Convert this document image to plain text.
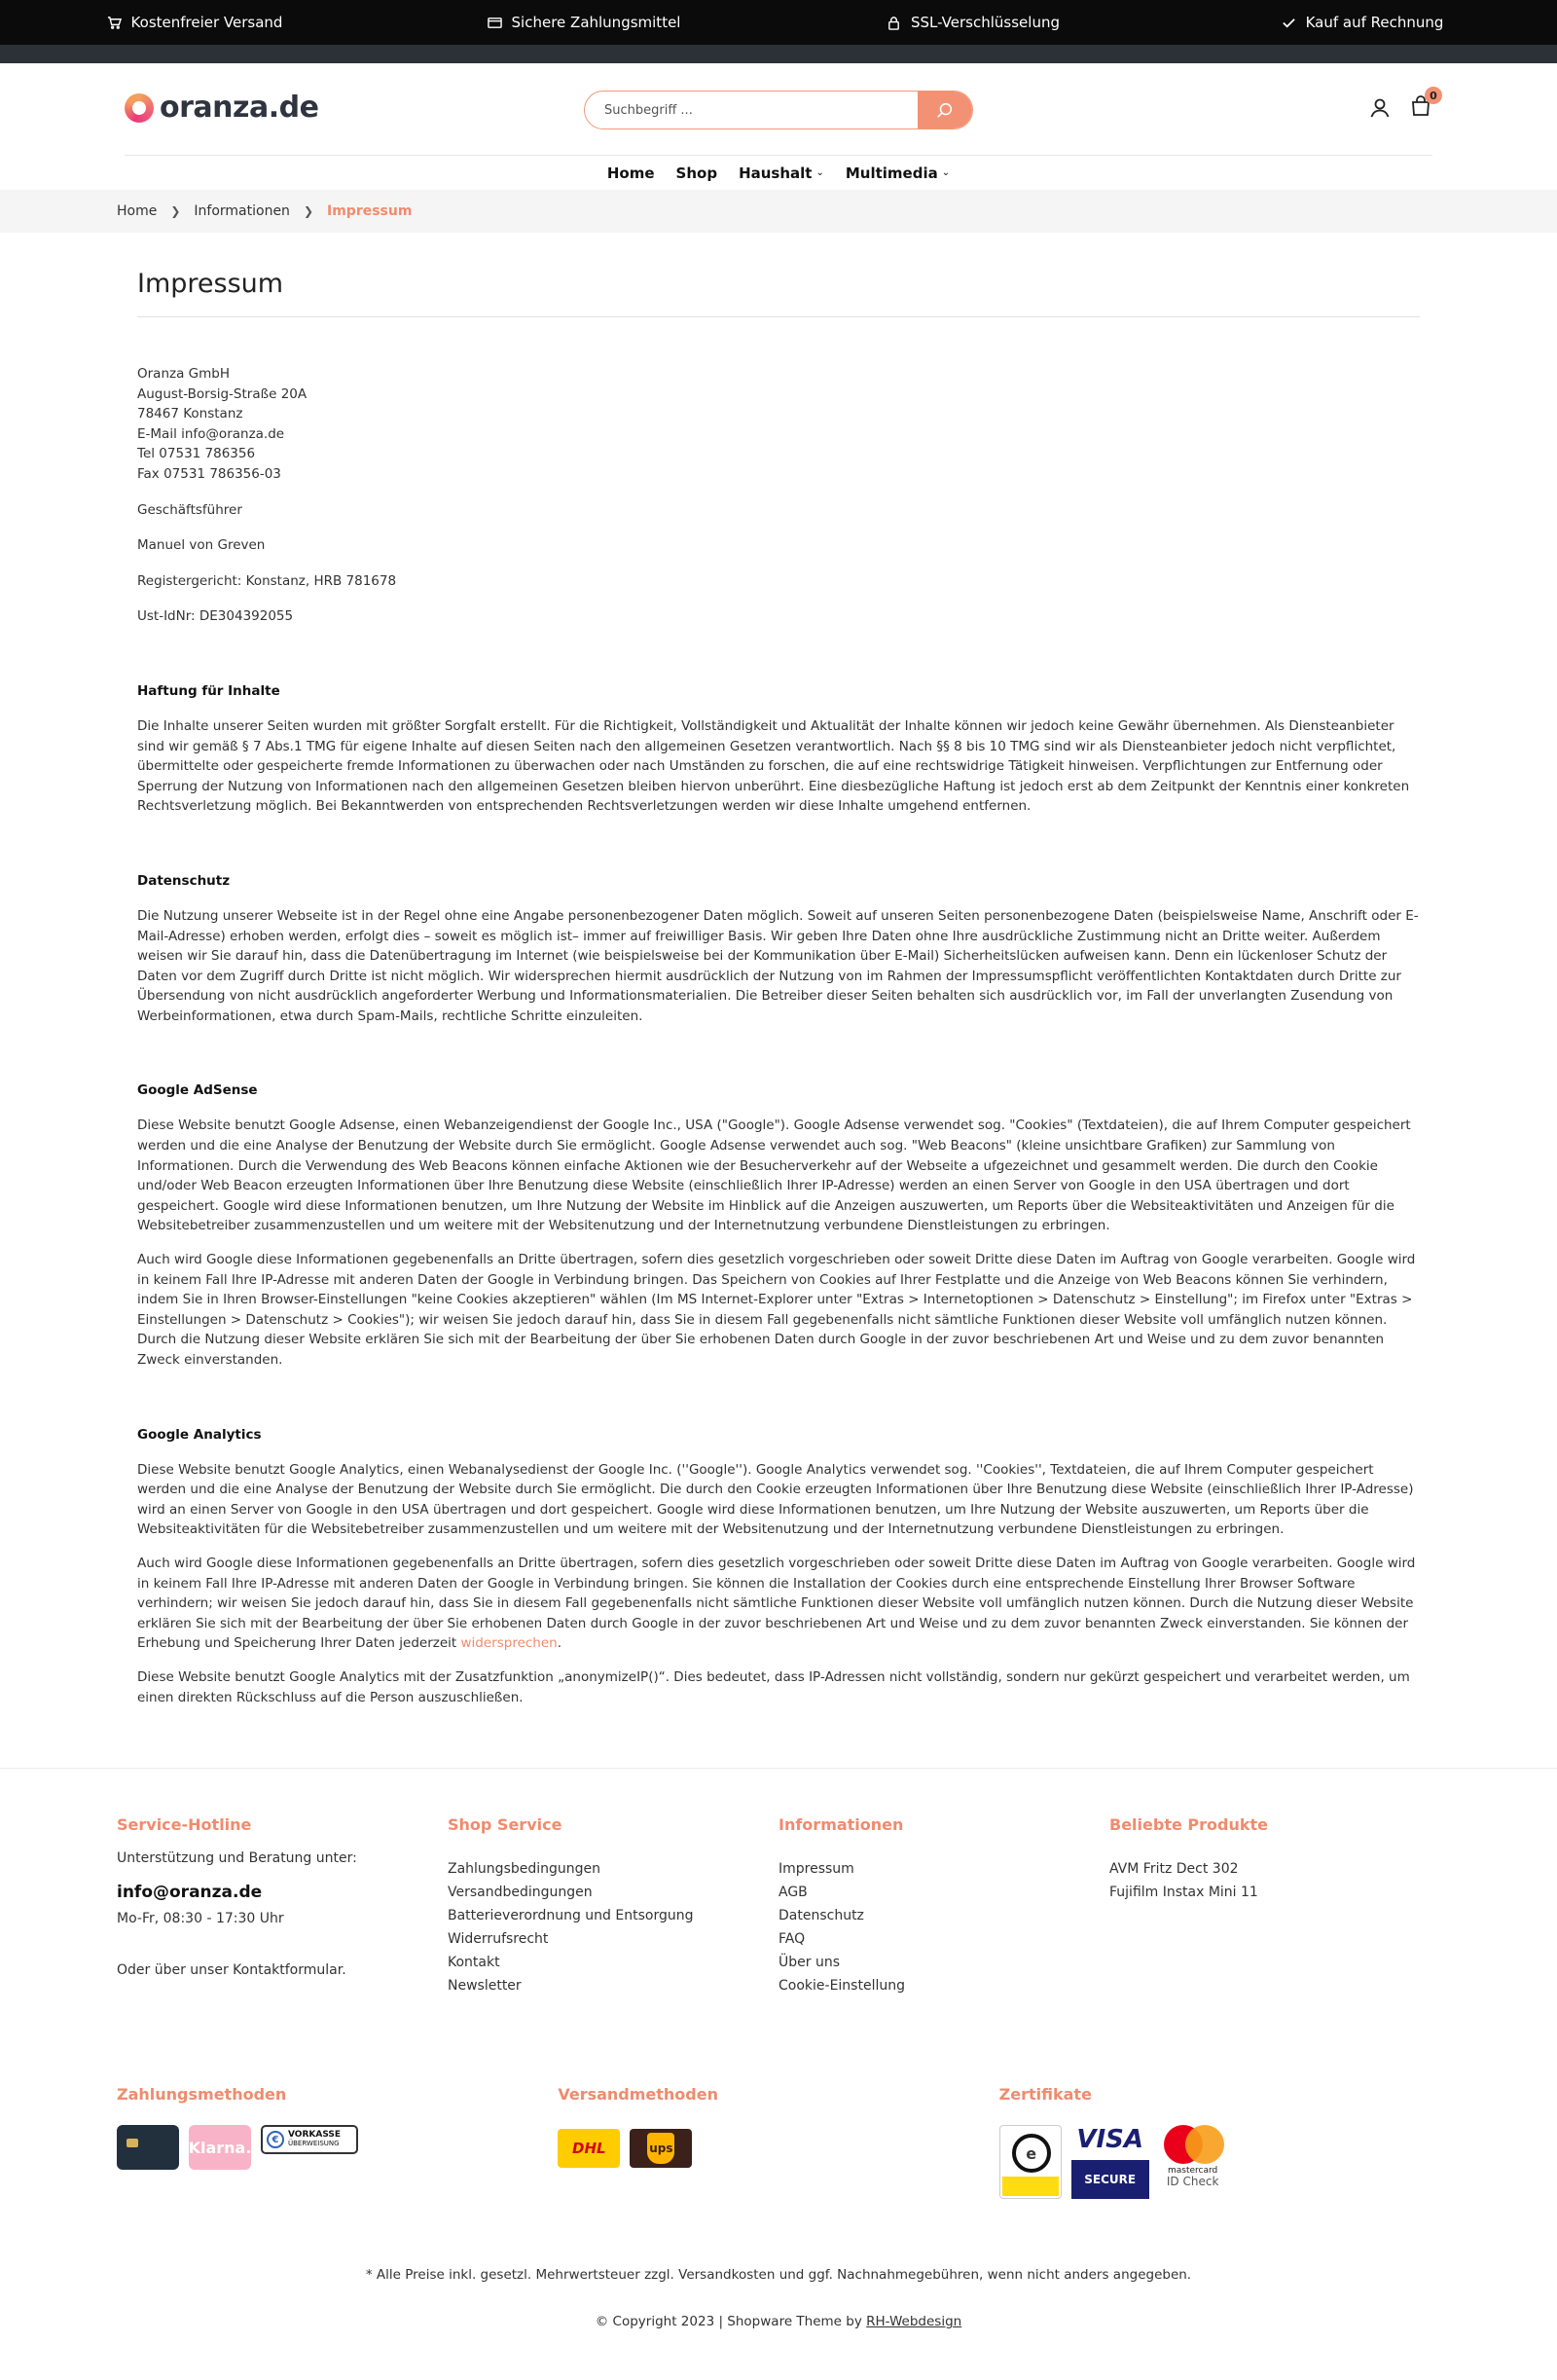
Kostenfreier Versand	Sichere Zahlungsmittel	SSL-Verschlüsselung	Kauf auf Rechnung
oranza.de
Suchbegriff ...	0
Home Shop Haushalt ⌄ Multimedia ⌄
Home ❯ Informationen ❯ Impressum
Impressum
Oranza GmbH
August-Borsig-Straße 20A
78467 Konstanz
E-Mail info@oranza.de
Tel 07531 786356
Fax 07531 786356-03
Geschäftsführer
Manuel von Greven
Registergericht: Konstanz, HRB 781678
Ust-IdNr: DE304392055
Haftung für Inhalte

Die Inhalte unserer Seiten wurden mit größter Sorgfalt erstellt. Für die Richtigkeit, Vollständigkeit und Aktualität der Inhalte können wir jedoch keine Gewähr übernehmen. Als Diensteanbieter sind wir gemäß § 7 Abs.1 TMG für eigene Inhalte auf diesen Seiten nach den allgemeinen Gesetzen verantwortlich. Nach §§ 8 bis 10 TMG sind wir als Diensteanbieter jedoch nicht verpflichtet, übermittelte oder gespeicherte fremde Informationen zu überwachen oder nach Umständen zu forschen, die auf eine rechtswidrige Tätigkeit hinweisen. Verpflichtungen zur Entfernung oder Sperrung der Nutzung von Informationen nach den allgemeinen Gesetzen bleiben hiervon unberührt. Eine diesbezügliche Haftung ist jedoch erst ab dem Zeitpunkt der Kenntnis einer konkreten Rechtsverletzung möglich. Bei Bekanntwerden von entsprechenden Rechtsverletzungen werden wir diese Inhalte umgehend entfernen.

Datenschutz

Die Nutzung unserer Webseite ist in der Regel ohne eine Angabe personenbezogener Daten möglich. Soweit auf unseren Seiten personenbezogene Daten (beispielsweise Name, Anschrift oder E-Mail-Adresse) erhoben werden, erfolgt dies – soweit es möglich ist– immer auf freiwilliger Basis. Wir geben Ihre Daten ohne Ihre ausdrückliche Zustimmung nicht an Dritte weiter. Außerdem weisen wir Sie darauf hin, dass die Datenübertragung im Internet (wie beispielsweise bei der Kommunikation über E-Mail) Sicherheitslücken aufweisen kann. Denn ein lückenloser Schutz der Daten vor dem Zugriff durch Dritte ist nicht möglich. Wir widersprechen hiermit ausdrücklich der Nutzung von im Rahmen der Impressumspflicht veröffentlichten Kontaktdaten durch Dritte zur Übersendung von nicht ausdrücklich angeforderter Werbung und Informationsmaterialien. Die Betreiber dieser Seiten behalten sich ausdrücklich vor, im Fall der unverlangten Zusendung von Werbeinformationen, etwa durch Spam-Mails, rechtliche Schritte einzuleiten.

Google AdSense

Diese Website benutzt Google Adsense, einen Webanzeigendienst der Google Inc., USA ("Google"). Google Adsense verwendet sog. "Cookies" (Textdateien), die auf Ihrem Computer gespeichert werden und die eine Analyse der Benutzung der Website durch Sie ermöglicht. Google Adsense verwendet auch sog. "Web Beacons" (kleine unsichtbare Grafiken) zur Sammlung von Informationen. Durch die Verwendung des Web Beacons können einfache Aktionen wie der Besucherverkehr auf der Webseite a ufgezeichnet und gesammelt werden. Die durch den Cookie und/oder Web Beacon erzeugten Informationen über Ihre Benutzung diese Website (einschließlich Ihrer IP-Adresse) werden an einen Server von Google in den USA übertragen und dort gespeichert. Google wird diese Informationen benutzen, um Ihre Nutzung der Website im Hinblick auf die Anzeigen auszuwerten, um Reports über die Websiteaktivitäten und Anzeigen für die Websitebetreiber zusammenzustellen und um weitere mit der Websitenutzung und der Internetnutzung verbundene Dienstleistungen zu erbringen.

Auch wird Google diese Informationen gegebenenfalls an Dritte übertragen, sofern dies gesetzlich vorgeschrieben oder soweit Dritte diese Daten im Auftrag von Google verarbeiten. Google wird in keinem Fall Ihre IP-Adresse mit anderen Daten der Google in Verbindung bringen. Das Speichern von Cookies auf Ihrer Festplatte und die Anzeige von Web Beacons können Sie verhindern, indem Sie in Ihren Browser-Einstellungen "keine Cookies akzeptieren" wählen (Im MS Internet-Explorer unter "Extras > Internetoptionen > Datenschutz > Einstellung"; im Firefox unter "Extras > Einstellungen > Datenschutz > Cookies"); wir weisen Sie jedoch darauf hin, dass Sie in diesem Fall gegebenenfalls nicht sämtliche Funktionen dieser Website voll umfänglich nutzen können. Durch die Nutzung dieser Website erklären Sie sich mit der Bearbeitung der über Sie erhobenen Daten durch Google in der zuvor beschriebenen Art und Weise und zu dem zuvor benannten Zweck einverstanden.

Google Analytics

Diese Website benutzt Google Analytics, einen Webanalysedienst der Google Inc. (''Google''). Google Analytics verwendet sog. ''Cookies'', Textdateien, die auf Ihrem Computer gespeichert werden und die eine Analyse der Benutzung der Website durch Sie ermöglicht. Die durch den Cookie erzeugten Informationen über Ihre Benutzung diese Website (einschließlich Ihrer IP-Adresse) wird an einen Server von Google in den USA übertragen und dort gespeichert. Google wird diese Informationen benutzen, um Ihre Nutzung der Website auszuwerten, um Reports über die Websiteaktivitäten für die Websitebetreiber zusammenzustellen und um weitere mit der Websitenutzung und der Internetnutzung verbundene Dienstleistungen zu erbringen.

Auch wird Google diese Informationen gegebenenfalls an Dritte übertragen, sofern dies gesetzlich vorgeschrieben oder soweit Dritte diese Daten im Auftrag von Google verarbeiten. Google wird in keinem Fall Ihre IP-Adresse mit anderen Daten der Google in Verbindung bringen. Sie können die Installation der Cookies durch eine entsprechende Einstellung Ihrer Browser Software verhindern; wir weisen Sie jedoch darauf hin, dass Sie in diesem Fall gegebenenfalls nicht sämtliche Funktionen dieser Website voll umfänglich nutzen können. Durch die Nutzung dieser Website erklären Sie sich mit der Bearbeitung der über Sie erhobenen Daten durch Google in der zuvor beschriebenen Art und Weise und zu dem zuvor benannten Zweck einverstanden. Sie können der Erhebung und Speicherung Ihrer Daten jederzeit widersprechen.

Diese Website benutzt Google Analytics mit der Zusatzfunktion „anonymizeIP()“. Dies bedeutet, dass IP-Adressen nicht vollständig, sondern nur gekürzt gespeichert und verarbeitet werden, um einen direkten Rückschluss auf die Person auszuschließen.

Service-Hotline
Unterstützung und Beratung unter:
info@oranza.de
Mo-Fr, 08:30 - 17:30 Uhr
Oder über unser Kontaktformular.
Shop Service
Zahlungsbedingungen
Versandbedingungen
Batterieverordnung und Entsorgung
Widerrufsrecht
Kontakt
Newsletter
Informationen
Impressum
AGB
Datenschutz
FAQ
Über uns
Cookie-Einstellung
Beliebte Produkte
AVM Fritz Dect 302
Fujifilm Instax Mini 11
Zahlungsmethoden
Klarna.	€	VORKASSE
ÜBERWEISUNG
Versandmethoden
DHL	ups
Zertifikate
e	VISA
SECURE
mastercard
ID Check
* Alle Preise inkl. gesetzl. Mehrwertsteuer zzgl. Versandkosten und ggf. Nachnahmegebühren, wenn nicht anders angegeben.
© Copyright 2023 | Shopware Theme by RH-Webdesign
